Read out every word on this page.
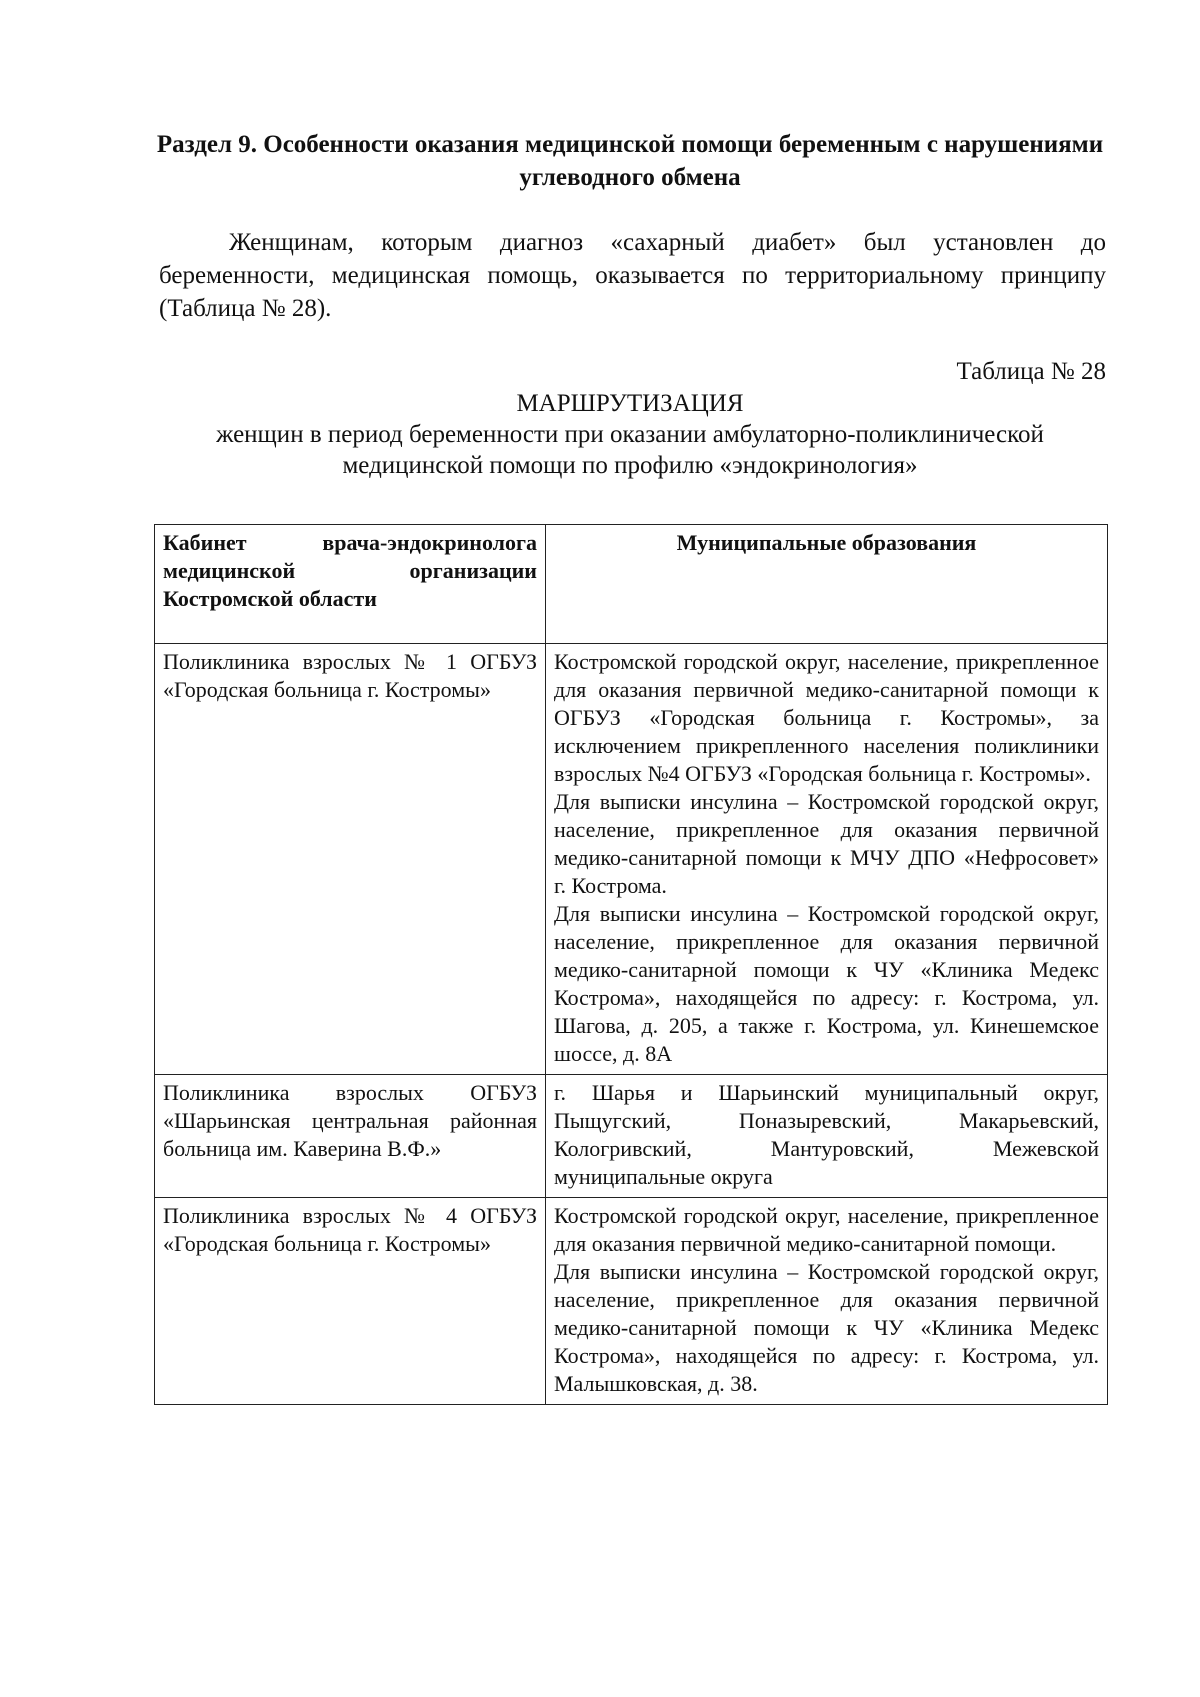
Раздел 9. Особенности оказания медицинской помощи беременным с нарушениями углеводного обмена

Женщинам, которым диагноз «сахарный диабет» был установлен до беременности, медицинская помощь, оказывается по территориальному принципу (Таблица № 28).

Таблица № 28

МАРШРУТИЗАЦИЯ
женщин в период беременности при оказании амбулаторно-поликлинической медицинской помощи по профилю «эндокринология»
Кабинет врача-эндокринолога медицинской организации Костромской области	Муниципальные образования
Поликлиника взрослых № 1 ОГБУЗ «Городская больница г. Костромы»	Костромской городской округ, население, прикрепленное для оказания первичной медико-санитарной помощи к ОГБУЗ «Городская больница г. Костромы», за исключением прикрепленного населения поликлиники взрослых №4 ОГБУЗ «Городская больница г. Костромы».
Для выписки инсулина – Костромской городской округ, население, прикрепленное для оказания первичной медико-санитарной помощи к МЧУ ДПО «Нефросовет» г. Кострома.
Для выписки инсулина – Костромской городской округ, население, прикрепленное для оказания первичной медико-санитарной помощи к ЧУ «Клиника Медекс Кострома», находящейся по адресу: г. Кострома, ул. Шагова, д. 205, а также г. Кострома, ул. Кинешемское шоссе, д. 8А
Поликлиника взрослых ОГБУЗ «Шарьинская центральная районная больница им. Каверина В.Ф.»	г. Шарья и Шарьинский муниципальный округ, Пыщугский, Поназыревский, Макарьевский, Кологривский, Мантуровский, Межевской муниципальные округа
Поликлиника взрослых № 4 ОГБУЗ «Городская больница г. Костромы»	Костромской городской округ, население, прикрепленное для оказания первичной медико-санитарной помощи.
Для выписки инсулина – Костромской городской округ, население, прикрепленное для оказания первичной медико-санитарной помощи к ЧУ «Клиника Медекс Кострома», находящейся по адресу: г. Кострома, ул. Малышковская, д. 38.
